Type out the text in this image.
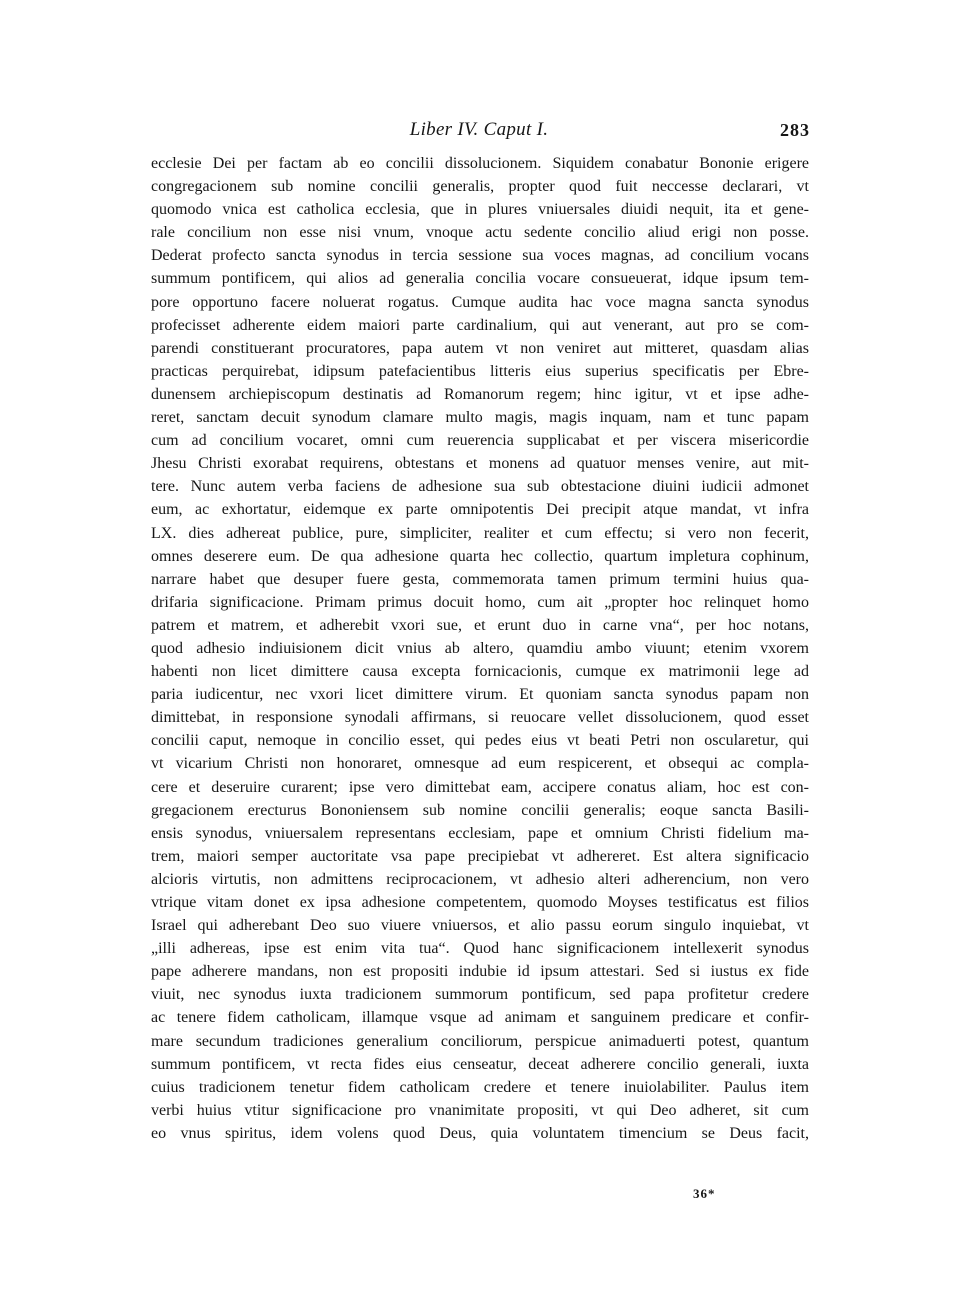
Liber IV. Caput I.	283
ecclesie Dei per factam ab eo concilii dissolucionem. Siquidem conabatur Bononie erigere
congregacionem sub nomine concilii generalis, propter quod fuit neccesse declarari, vt
quomodo vnica est catholica ecclesia, que in plures vniuersales diuidi nequit, ita et gene-
rale concilium non esse nisi vnum, vnoque actu sedente concilio aliud erigi non posse.
Dederat profecto sancta synodus in tercia sessione sua voces magnas, ad concilium vocans
summum pontificem, qui alios ad generalia concilia vocare consueuerat, idque ipsum tem-
pore opportuno facere noluerat rogatus. Cumque audita hac voce magna sancta synodus
profecisset adherente eidem maiori parte cardinalium, qui aut venerant, aut pro se com-
parendi constituerant procuratores, papa autem vt non veniret aut mitteret, quasdam alias
practicas perquirebat, idipsum patefacientibus litteris eius superius specificatis per Ebre-
dunensem archiepiscopum destinatis ad Romanorum regem; hinc igitur, vt et ipse adhe-
reret, sanctam decuit synodum clamare multo magis, magis inquam, nam et tunc papam
cum ad concilium vocaret, omni cum reuerencia supplicabat et per viscera misericordie
Jhesu Christi exorabat requirens, obtestans et monens ad quatuor menses venire, aut mit-
tere. Nunc autem verba faciens de adhesione sua sub obtestacione diuini iudicii admonet
eum, ac exhortatur, eidemque ex parte omnipotentis Dei precipit atque mandat, vt infra
LX. dies adhereat publice, pure, simpliciter, realiter et cum effectu; si vero non fecerit,
omnes deserere eum. De qua adhesione quarta hec collectio, quartum impletura cophinum,
narrare habet que desuper fuere gesta, commemorata tamen primum termini huius qua-
drifaria significacione. Primam primus docuit homo, cum ait „propter hoc relinquet homo
patrem et matrem, et adherebit vxori sue, et erunt duo in carne vna“, per hoc notans,
quod adhesio indiuisionem dicit vnius ab altero, quamdiu ambo viuunt; etenim vxorem
habenti non licet dimittere causa excepta fornicacionis, cumque ex matrimonii lege ad
paria iudicentur, nec vxori licet dimittere virum. Et quoniam sancta synodus papam non
dimittebat, in responsione synodali affirmans, si reuocare vellet dissolucionem, quod esset
concilii caput, nemoque in concilio esset, qui pedes eius vt beati Petri non oscularetur, qui
vt vicarium Christi non honoraret, omnesque ad eum respicerent, et obsequi ac compla-
cere et deseruire curarent; ipse vero dimittebat eam, accipere conatus aliam, hoc est con-
gregacionem erecturus Bononiensem sub nomine concilii generalis; eoque sancta Basili-
ensis synodus, vniuersalem representans ecclesiam, pape et omnium Christi fidelium ma-
trem, maiori semper auctoritate vsa pape precipiebat vt adhereret. Est altera significacio
alcioris virtutis, non admittens reciprocacionem, vt adhesio alteri adherencium, non vero
vtrique vitam donet ex ipsa adhesione competentem, quomodo Moyses testificatus est filios
Israel qui adherebant Deo suo viuere vniuersos, et alio passu eorum singulo inquiebat, vt
„illi adhereas, ipse est enim vita tua“. Quod hanc significacionem intellexerit synodus
pape adherere mandans, non est propositi indubie id ipsum attestari. Sed si iustus ex fide
viuit, nec synodus iuxta tradicionem summorum pontificum, sed papa profitetur credere
ac tenere fidem catholicam, illamque vsque ad animam et sanguinem predicare et confir-
mare secundum tradiciones generalium conciliorum, perspicue animaduerti potest, quantum
summum pontificem, vt recta fides eius censeatur, deceat adherere concilio generali, iuxta
cuius tradicionem tenetur fidem catholicam credere et tenere inuiolabiliter. Paulus item
verbi huius vtitur significacione pro vnanimitate propositi, vt qui Deo adheret, sit cum
eo vnus spiritus, idem volens quod Deus, quia voluntatem timencium se Deus facit,
36*
